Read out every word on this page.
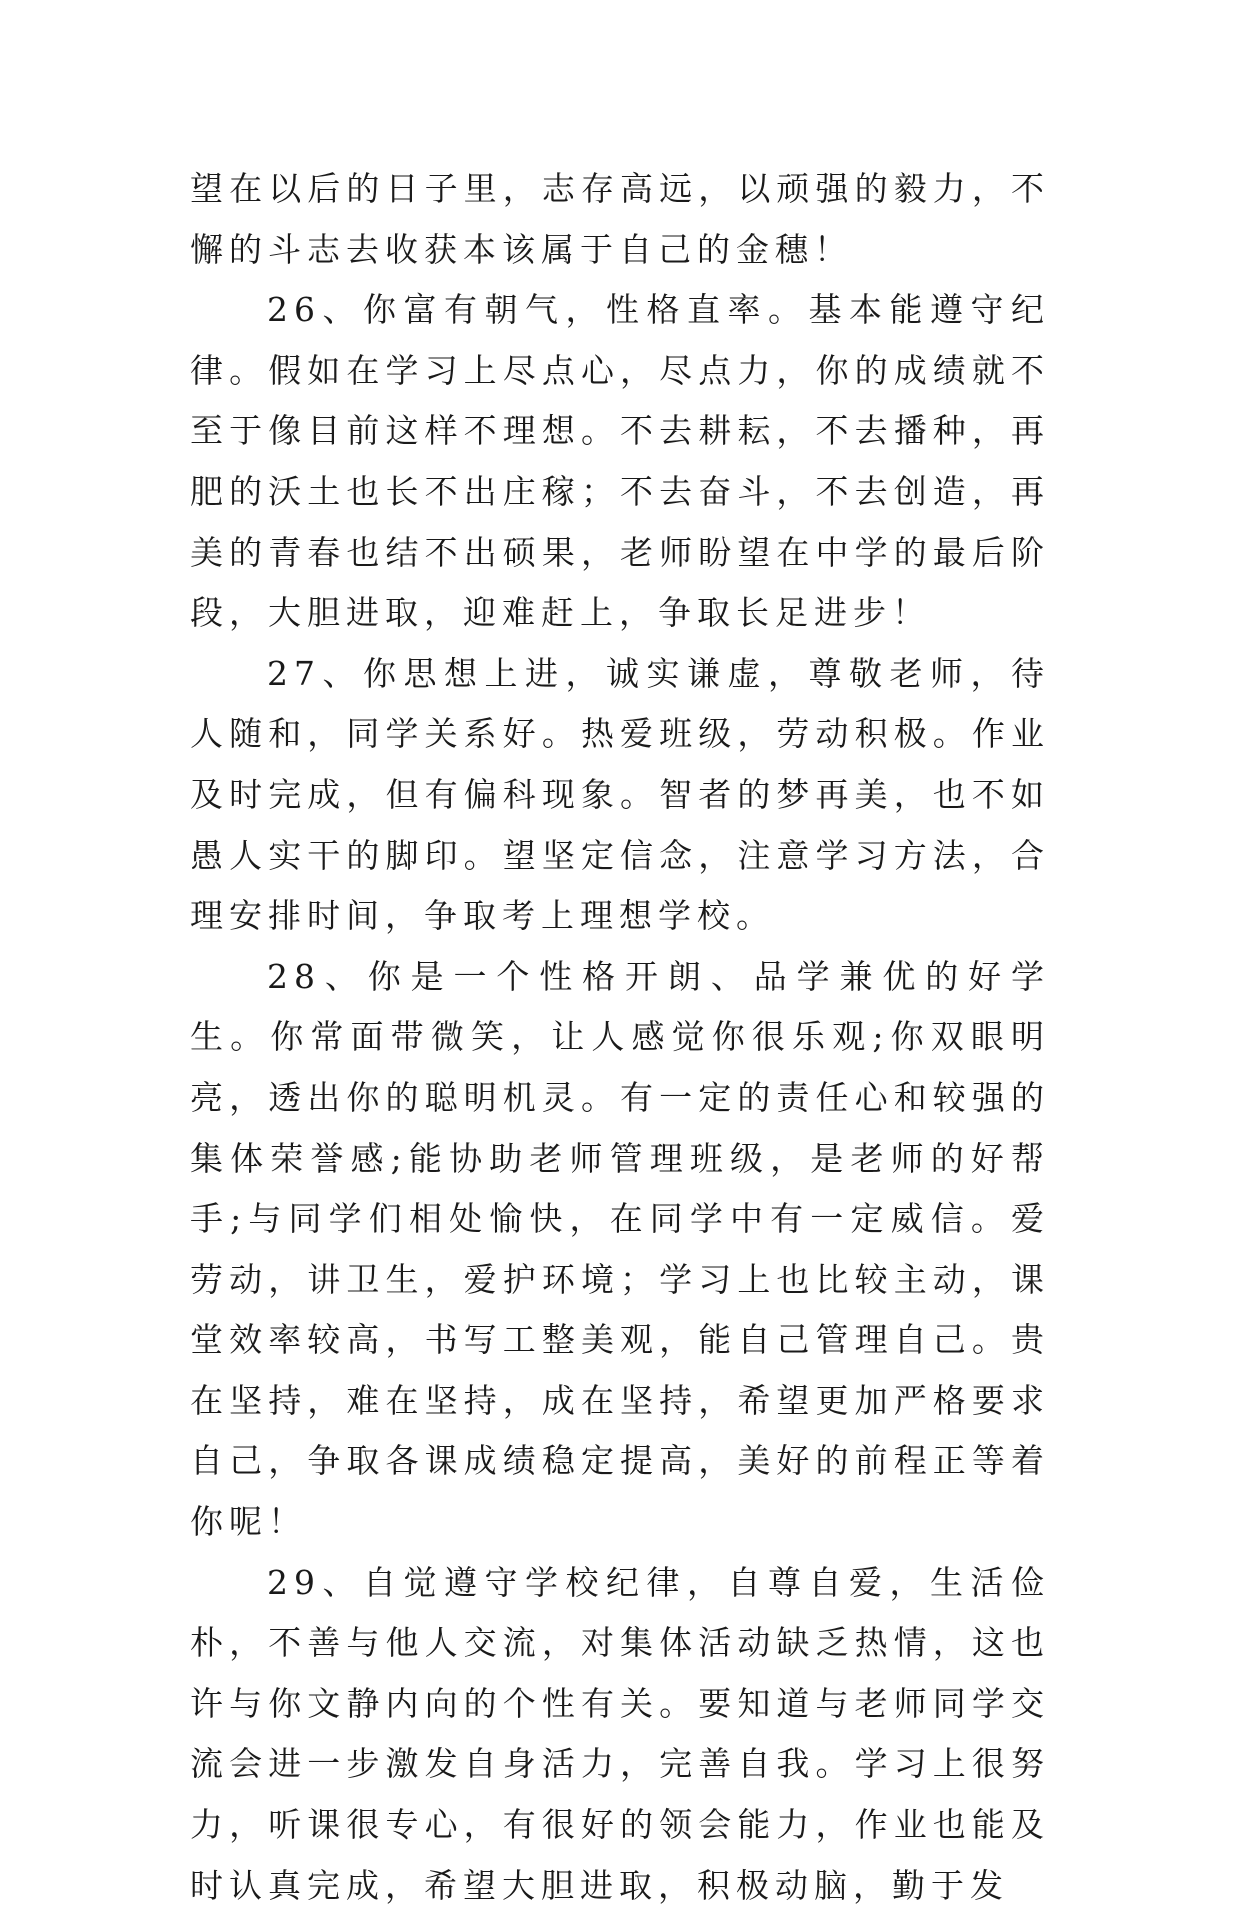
望在以后的日子里，志存高远，以顽强的毅力，不懈的斗志去收获本该属于自己的金穗！

26、你富有朝气，性格直率。基本能遵守纪律。假如在学习上尽点心，尽点力，你的成绩就不至于像目前这样不理想。不去耕耘，不去播种，再肥的沃土也长不出庄稼；不去奋斗，不去创造，再美的青春也结不出硕果，老师盼望在中学的最后阶段，大胆进取，迎难赶上，争取长足进步！

27、你思想上进，诚实谦虚，尊敬老师，待人随和，同学关系好。热爱班级，劳动积极。作业及时完成，但有偏科现象。智者的梦再美，也不如愚人实干的脚印。望坚定信念，注意学习方法，合理安排时间，争取考上理想学校。

28、你是一个性格开朗、品学兼优的好学生。你常面带微笑，让人感觉你很乐观;你双眼明亮，透出你的聪明机灵。有一定的责任心和较强的集体荣誉感;能协助老师管理班级，是老师的好帮手;与同学们相处愉快，在同学中有一定威信。爱劳动，讲卫生，爱护环境；学习上也比较主动，课堂效率较高，书写工整美观，能自己管理自己。贵在坚持，难在坚持，成在坚持，希望更加严格要求自己，争取各课成绩稳定提高，美好的前程正等着你呢！

29、自觉遵守学校纪律，自尊自爱，生活俭朴，不善与他人交流，对集体活动缺乏热情，这也许与你文静内向的个性有关。要知道与老师同学交流会进一步激发自身活力，完善自我。学习上很努力，听课很专心，有很好的领会能力，作业也能及时认真完成，希望大胆进取，积极动脑，勤于发
